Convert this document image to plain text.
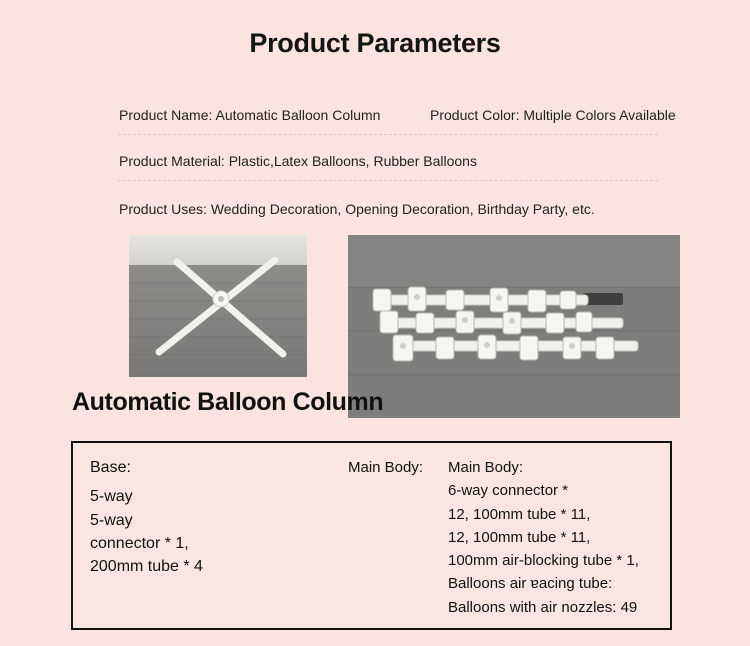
Product Parameters
Product Name: Automatic Balloon Column	Product Color: Multiple Colors Available
Product Material: Plastic,Latex Balloons, Rubber Balloons
Product Uses: Wedding Decoration, Opening Decoration, Birthday Party, etc.
Automatic Balloon Column
Base:
5-way
5-way
connector * 1,
200mm tube * 4
Main Body: Main Body:
6-way connector *
12, 100mm tube * 11,
12, 100mm tube * 11,
100mm air-blocking tube * 1,
Balloons air ɐacing tube:
Balloons with air nozzles: 49
